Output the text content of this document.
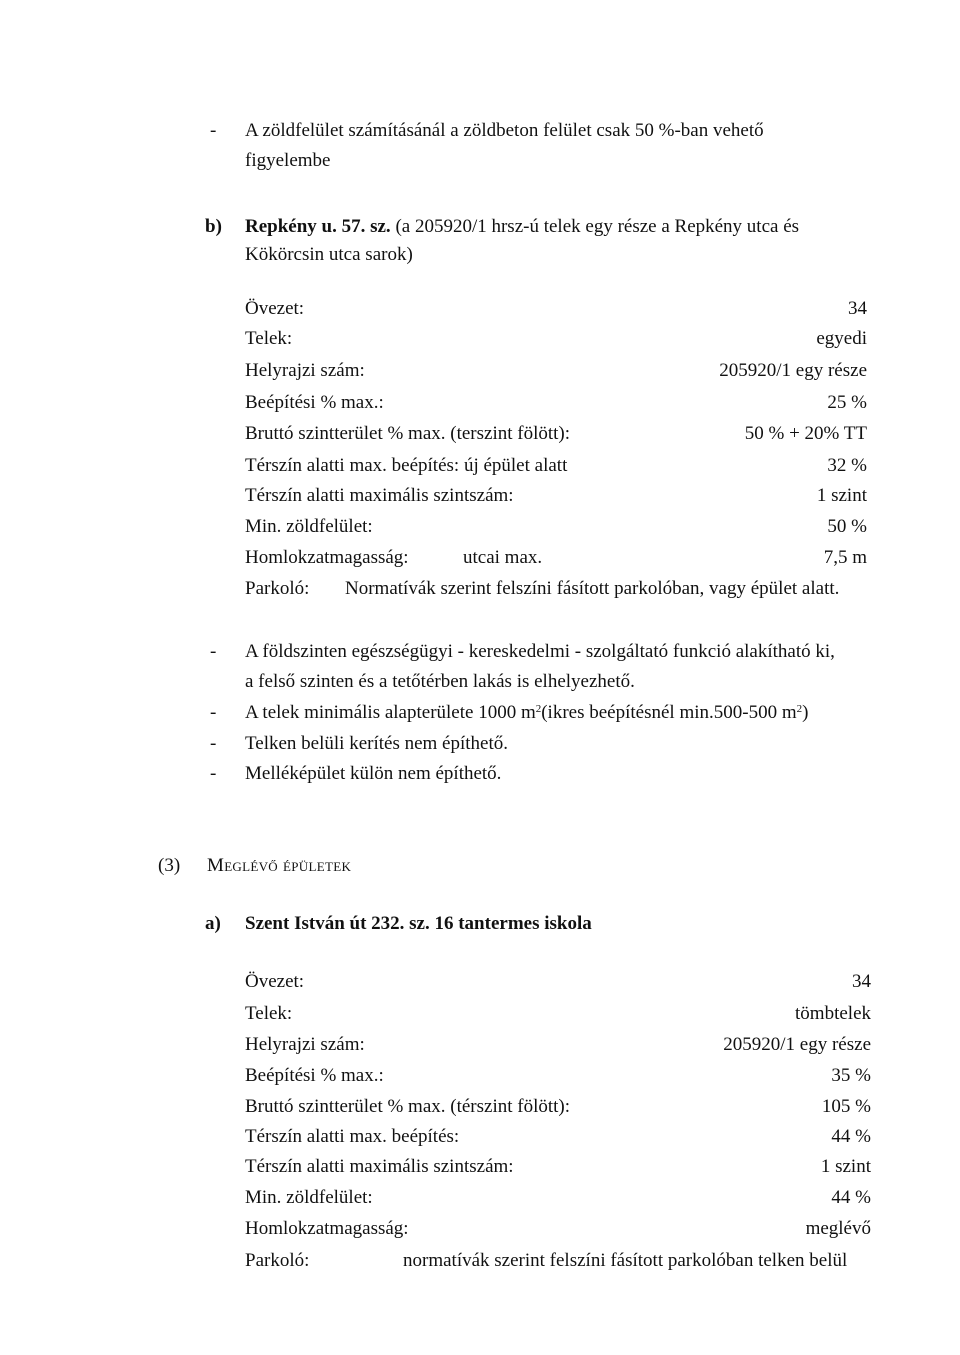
- A zöldfelület számításánál a zöldbeton felület csak 50 %-ban vehető
figyelembe
b) Repkény u. 57. sz. (a 205920/1 hrsz-ú telek egy része a Repkény utca és
Kökörcsin utca sarok)
Övezet:	34
Telek:	egyedi
Helyrajzi szám:	205920/1 egy része
Beépítési % max.:	25 %
Bruttó szintterület % max. (terszint fölött):	50 % + 20% TT
Térszín alatti max. beépítés: új épület alatt	32 %
Térszín alatti maximális szintszám:	1 szint
Min. zöldfelület:	50 %
Homlokzatmagasság:	utcai max.	7,5 m
Parkoló: Normatívák szerint felszíni fásított parkolóban, vagy épület alatt.
- A földszinten egészségügyi - kereskedelmi - szolgáltató funkció alakítható ki,
a felső szinten és a tetőtérben lakás is elhelyezhető.
- A telek minimális alapterülete 1000 $m^2(ikres$ beépítésnél min.500-500 $m^2$)
- Telken belüli kerítés nem építhető.
- Melléképület külön nem építhető.
(3) Meglévő épületek
a) Szent István út 232. sz. 16 tantermes iskola
Övezet:	34
Telek:	tömbtelek
Helyrajzi szám:	205920/1 egy része
Beépítési % max.:	35 %
Bruttó szintterület % max. (térszint fölött):	105 %
Térszín alatti max. beépítés:	44 %
Térszín alatti maximális szintszám:	1 szint
Min. zöldfelület:	44 %
Homlokzatmagasság:	meglévő
Parkoló:	normatívák szerint felszíni fásított parkolóban telken belül
